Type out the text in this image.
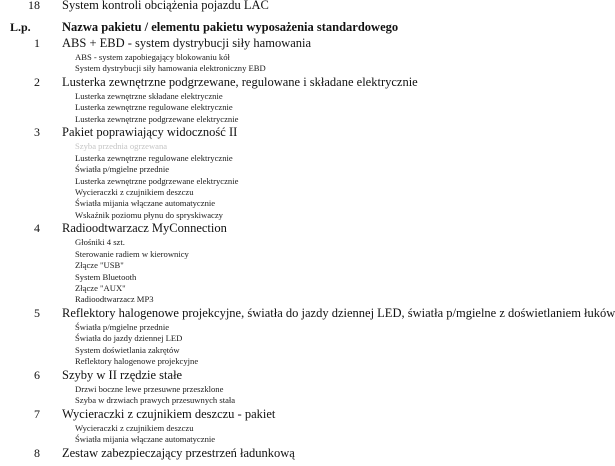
18 System kontroli obciążenia pojazdu LAC
L.p.	Nazwa pakietu / elementu pakietu wyposażenia standardowego
1 ABS + EBD - system dystrybucji siły hamowania
ABS - system zapobiegający blokowaniu kół
System dystrybucji siły hamowania elektroniczny EBD
2 Lusterka zewnętrzne podgrzewane, regulowane i składane elektrycznie
Lusterka zewnętrzne składane elektrycznie
Lusterka zewnętrzne regulowane elektrycznie
Lusterka zewnętrzne podgrzewane elektrycznie
3 Pakiet poprawiający widoczność II
Szyba przednia ogrzewana
Lusterka zewnętrzne regulowane elektrycznie
Światła p/mgielne przednie
Lusterka zewnętrzne podgrzewane elektrycznie
Wycieraczki z czujnikiem deszczu
Światła mijania włączane automatycznie
Wskaźnik poziomu płynu do spryskiwaczy
4 Radioodtwarzacz MyConnection
Głośniki 4 szt.
Sterowanie radiem w kierownicy
Złącze "USB"
System Bluetooth
Złącze "AUX"
Radioodtwarzacz MP3
5 Reflektory halogenowe projekcyjne, światła do jazdy dziennej LED, światła p/mgielne z doświetlaniem łuków
Światła p/mgielne przednie
Światła do jazdy dziennej LED
System doświetlania zakrętów
Reflektory halogenowe projekcyjne
6 Szyby w II rzędzie stałe
Drzwi boczne lewe przesuwne przeszklone
Szyba w drzwiach prawych przesuwnych stała
7 Wycieraczki z czujnikiem deszczu - pakiet
Wycieraczki z czujnikiem deszczu
Światła mijania włączane automatycznie
8 Zestaw zabezpieczający przestrzeń ładunkową
